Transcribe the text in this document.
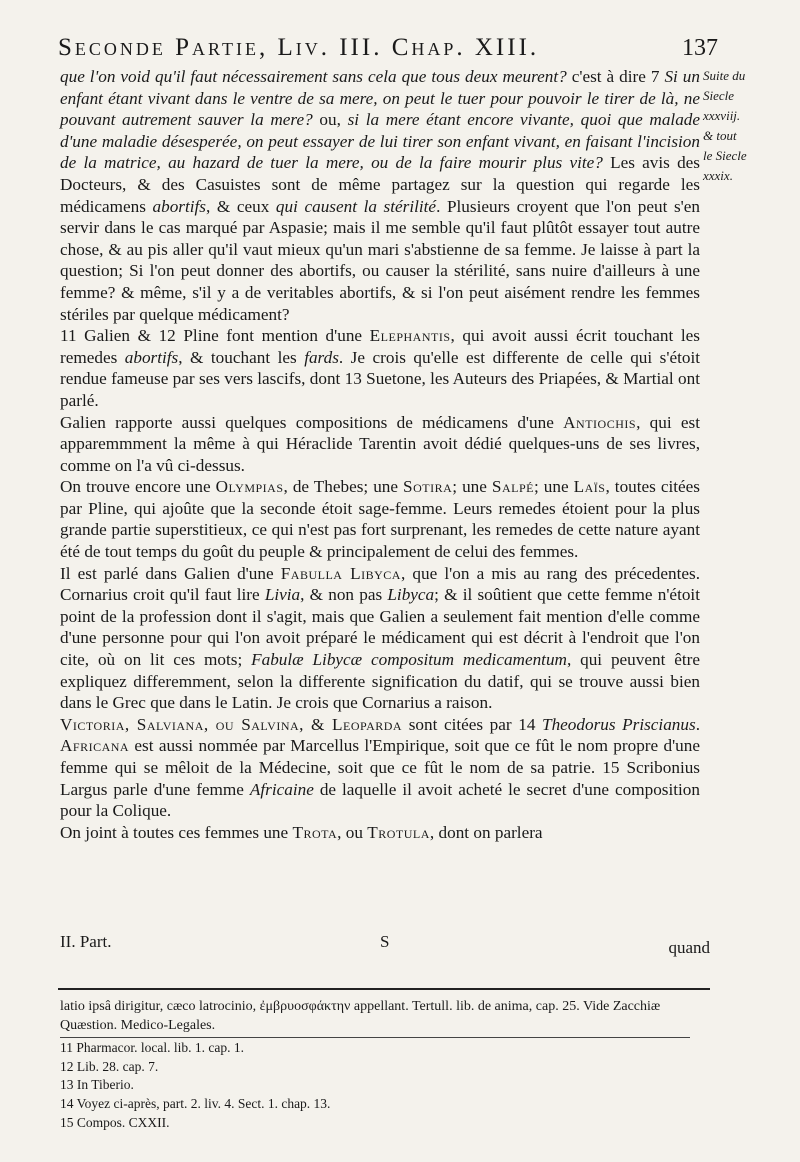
Seconde Partie, Liv. III. Chap. XIII.	137
Suite du
Siecle
xxxviij.
& tout
le Siecle
xxxix.

que l'on void qu'il faut nécessairement sans cela que tous deux meurent? c'est à dire 7 Si un enfant étant vivant dans le ventre de sa mere, on peut le tuer pour pouvoir le tirer de là, ne pouvant autrement sauver la mere? ou, si la mere étant encore vivante, quoi que malade d'une maladie désesperée, on peut essayer de lui tirer son enfant vivant, en faisant l'incision de la matrice, au hazard de tuer la mere, ou de la faire mourir plus vite? Les avis des Docteurs, & des Casuistes sont de même partagez sur la question qui regarde les médicamens abortifs, & ceux qui causent la stérilité. Plusieurs croyent que l'on peut s'en servir dans le cas marqué par Aspasie; mais il me semble qu'il faut plûtôt essayer tout autre chose, & au pis aller qu'il vaut mieux qu'un mari s'abstienne de sa femme. Je laisse à part la question; Si l'on peut donner des abortifs, ou causer la stérilité, sans nuire d'ailleurs à une femme? & même, s'il y a de veritables abortifs, & si l'on peut aisément rendre les femmes stériles par quelque médicament?

11 Galien & 12 Pline font mention d'une Elephantis, qui avoit aussi écrit touchant les remedes abortifs, & touchant les fards. Je crois qu'elle est differente de celle qui s'étoit rendue fameuse par ses vers lascifs, dont 13 Suetone, les Auteurs des Priapées, & Martial ont parlé.

Galien rapporte aussi quelques compositions de médicamens d'une Antiochis, qui est apparemmment la même à qui Héraclide Tarentin avoit dédié quelques-uns de ses livres, comme on l'a vû ci-dessus.

On trouve encore une Olympias, de Thebes; une Sotira; une Salpé; une Laïs, toutes citées par Pline, qui ajoûte que la seconde étoit sage-femme. Leurs remedes étoient pour la plus grande partie superstitieux, ce qui n'est pas fort surprenant, les remedes de cette nature ayant été de tout temps du goût du peuple & principalement de celui des femmes.

Il est parlé dans Galien d'une Fabulla Libyca, que l'on a mis au rang des précedentes. Cornarius croit qu'il faut lire Livia, & non pas Libyca; & il soûtient que cette femme n'étoit point de la profession dont il s'agit, mais que Galien a seulement fait mention d'elle comme d'une personne pour qui l'on avoit préparé le médicament qui est décrit à l'endroit que l'on cite, où on lit ces mots; Fabulæ Libycæ compositum medicamentum, qui peuvent être expliquez differemment, selon la differente signification du datif, qui se trouve aussi bien dans le Grec que dans le Latin. Je crois que Cornarius a raison.

Victoria, Salviana, ou Salvina, & Leoparda sont citées par 14 Theodorus Priscianus. Africana est aussi nommée par Marcellus l'Empirique, soit que ce fût le nom propre d'une femme qui se mêloit de la Médecine, soit que ce fût le nom de sa patrie. 15 Scribonius Largus parle d'une femme Africaine de laquelle il avoit acheté le secret d'une composition pour la Colique.

On joint à toutes ces femmes une Trota, ou Trotula, dont on parlera

II. Part.	S	quand
latio ipsâ dirigitur, cæco latrocinio, ἐμβρυοσφάκτην appellant. Tertull. lib. de anima, cap. 25. Vide Zacchiæ Quæstion. Medico-Legales.
11 Pharmacor. local. lib. 1. cap. 1.
12 Lib. 28. cap. 7.
13 In Tiberio.
14 Voyez ci-après, part. 2. liv. 4. Sect. 1. chap. 13.
15 Compos. CXXII.
